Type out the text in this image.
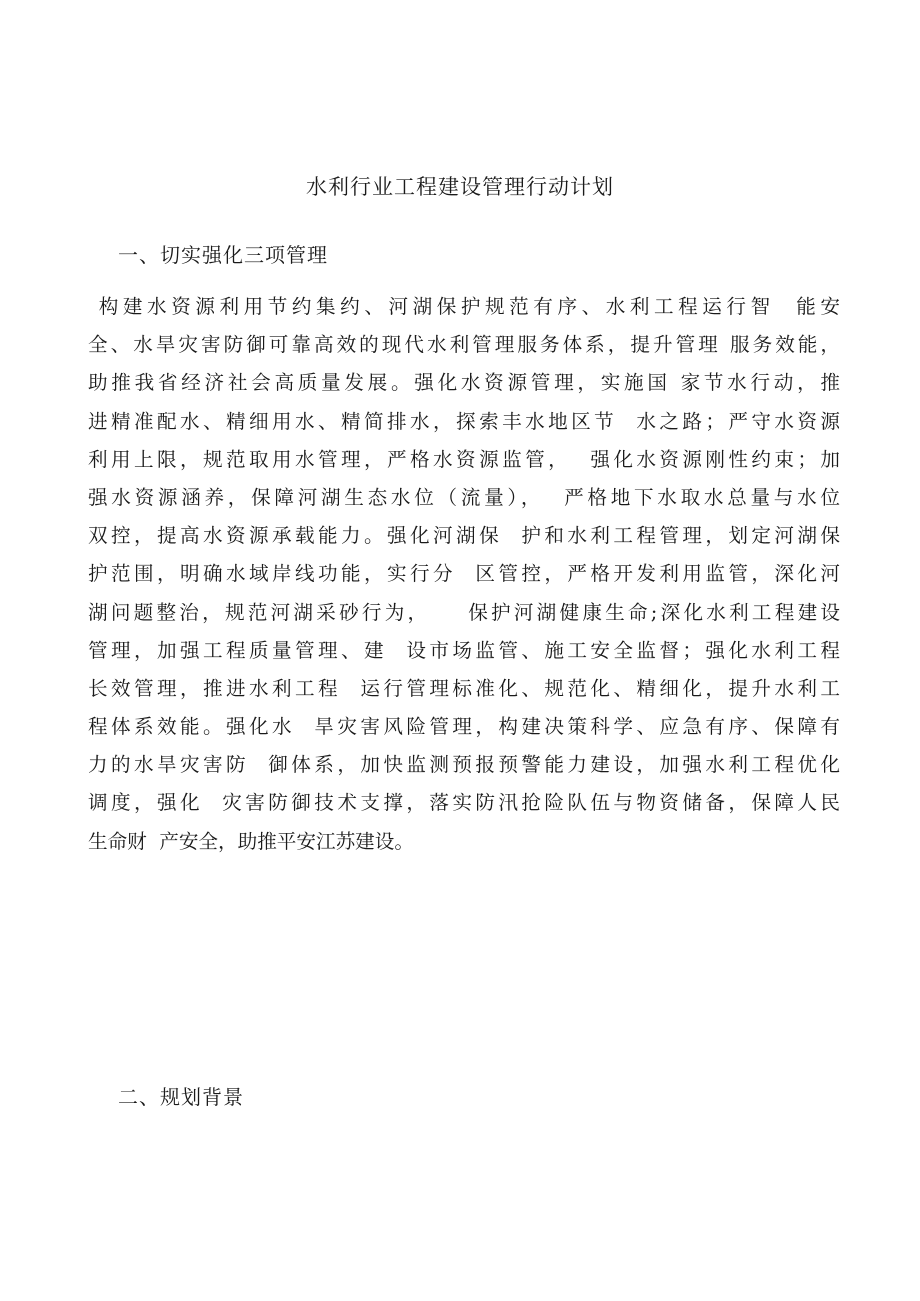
水利行业工程建设管理行动计划
一、切实强化三项管理
构建水资源利用节约集约、河湖保护规范有序、水利工程运行智  能安
全、水旱灾害防御可靠高效的现代水利管理服务体系，提升管理 服务效能，
助推我省经济社会高质量发展。强化水资源管理，实施国 家节水行动，推
进精准配水、精细用水、精简排水，探索丰水地区节  水之路；严守水资源
利用上限，规范取用水管理，严格水资源监管，  强化水资源刚性约束；加
强水资源涵养，保障河湖生态水位（流量），  严格地下水取水总量与水位
双控，提高水资源承载能力。强化河湖保  护和水利工程管理，划定河湖保
护范围，明确水域岸线功能，实行分  区管控，严格开发利用监管，深化河
湖问题整治，规范河湖采砂行为，    保护河湖健康生命;深化水利工程建设
管理，加强工程质量管理、建  设市场监管、施工安全监督；强化水利工程
长效管理，推进水利工程  运行管理标准化、规范化、精细化，提升水利工
程体系效能。强化水  旱灾害风险管理，构建决策科学、应急有序、保障有
力的水旱灾害防  御体系，加快监测预报预警能力建设，加强水利工程优化
调度，强化  灾害防御技术支撑，落实防汛抢险队伍与物资储备，保障人民
生命财  产安全，助推平安江苏建设。
二、规划背景
